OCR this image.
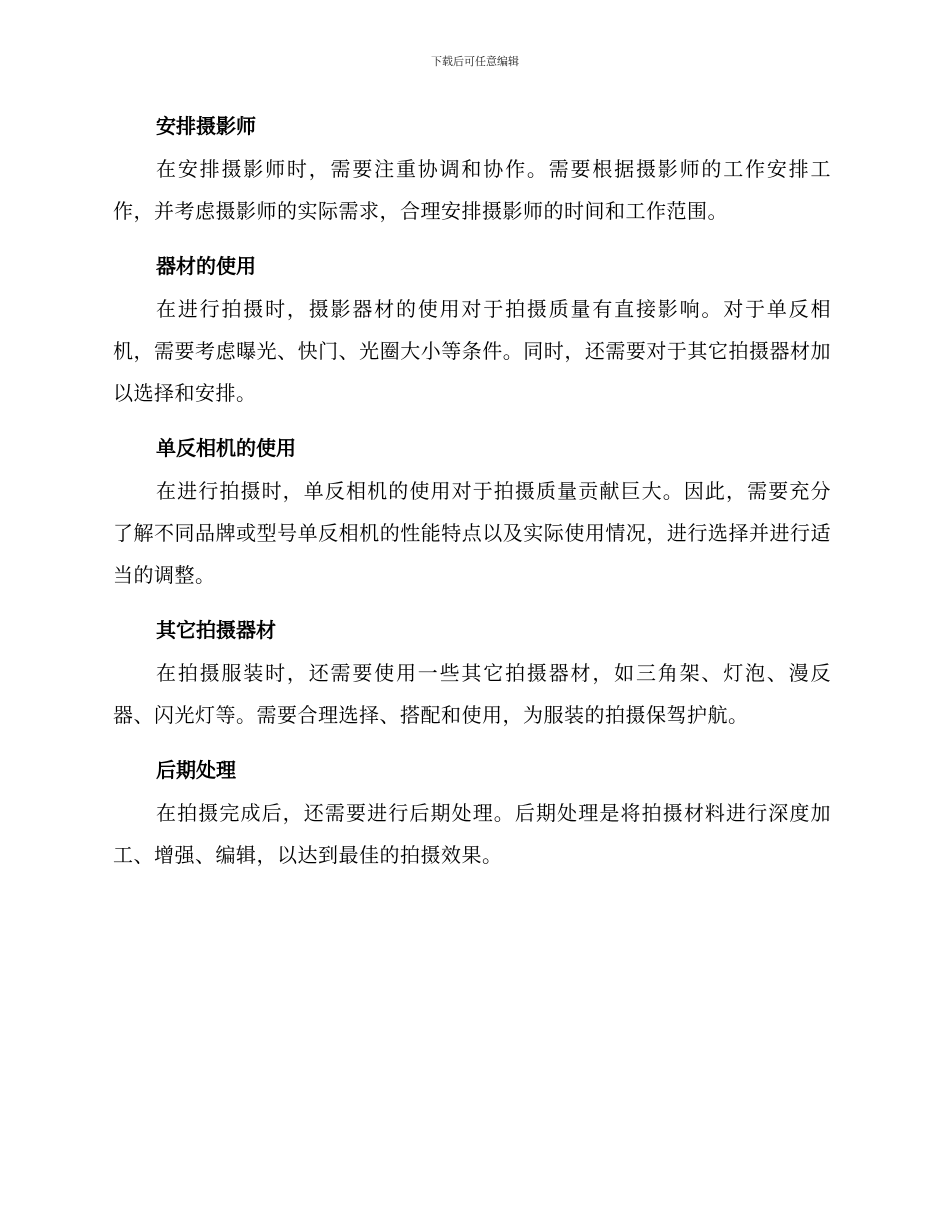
下载后可任意编辑
安排摄影师

在安排摄影师时，需要注重协调和协作。需要根据摄影师的工作安排工作，并考虑摄影师的实际需求，合理安排摄影师的时间和工作范围。

器材的使用

在进行拍摄时，摄影器材的使用对于拍摄质量有直接影响。对于单反相机，需要考虑曝光、快门、光圈大小等条件。同时，还需要对于其它拍摄器材加以选择和安排。

单反相机的使用

在进行拍摄时，单反相机的使用对于拍摄质量贡献巨大。因此，需要充分了解不同品牌或型号单反相机的性能特点以及实际使用情况，进行选择并进行适当的调整。

其它拍摄器材

在拍摄服装时，还需要使用一些其它拍摄器材，如三角架、灯泡、漫反器、闪光灯等。需要合理选择、搭配和使用，为服装的拍摄保驾护航。

后期处理

在拍摄完成后，还需要进行后期处理。后期处理是将拍摄材料进行深度加工、增强、编辑，以达到最佳的拍摄效果。
